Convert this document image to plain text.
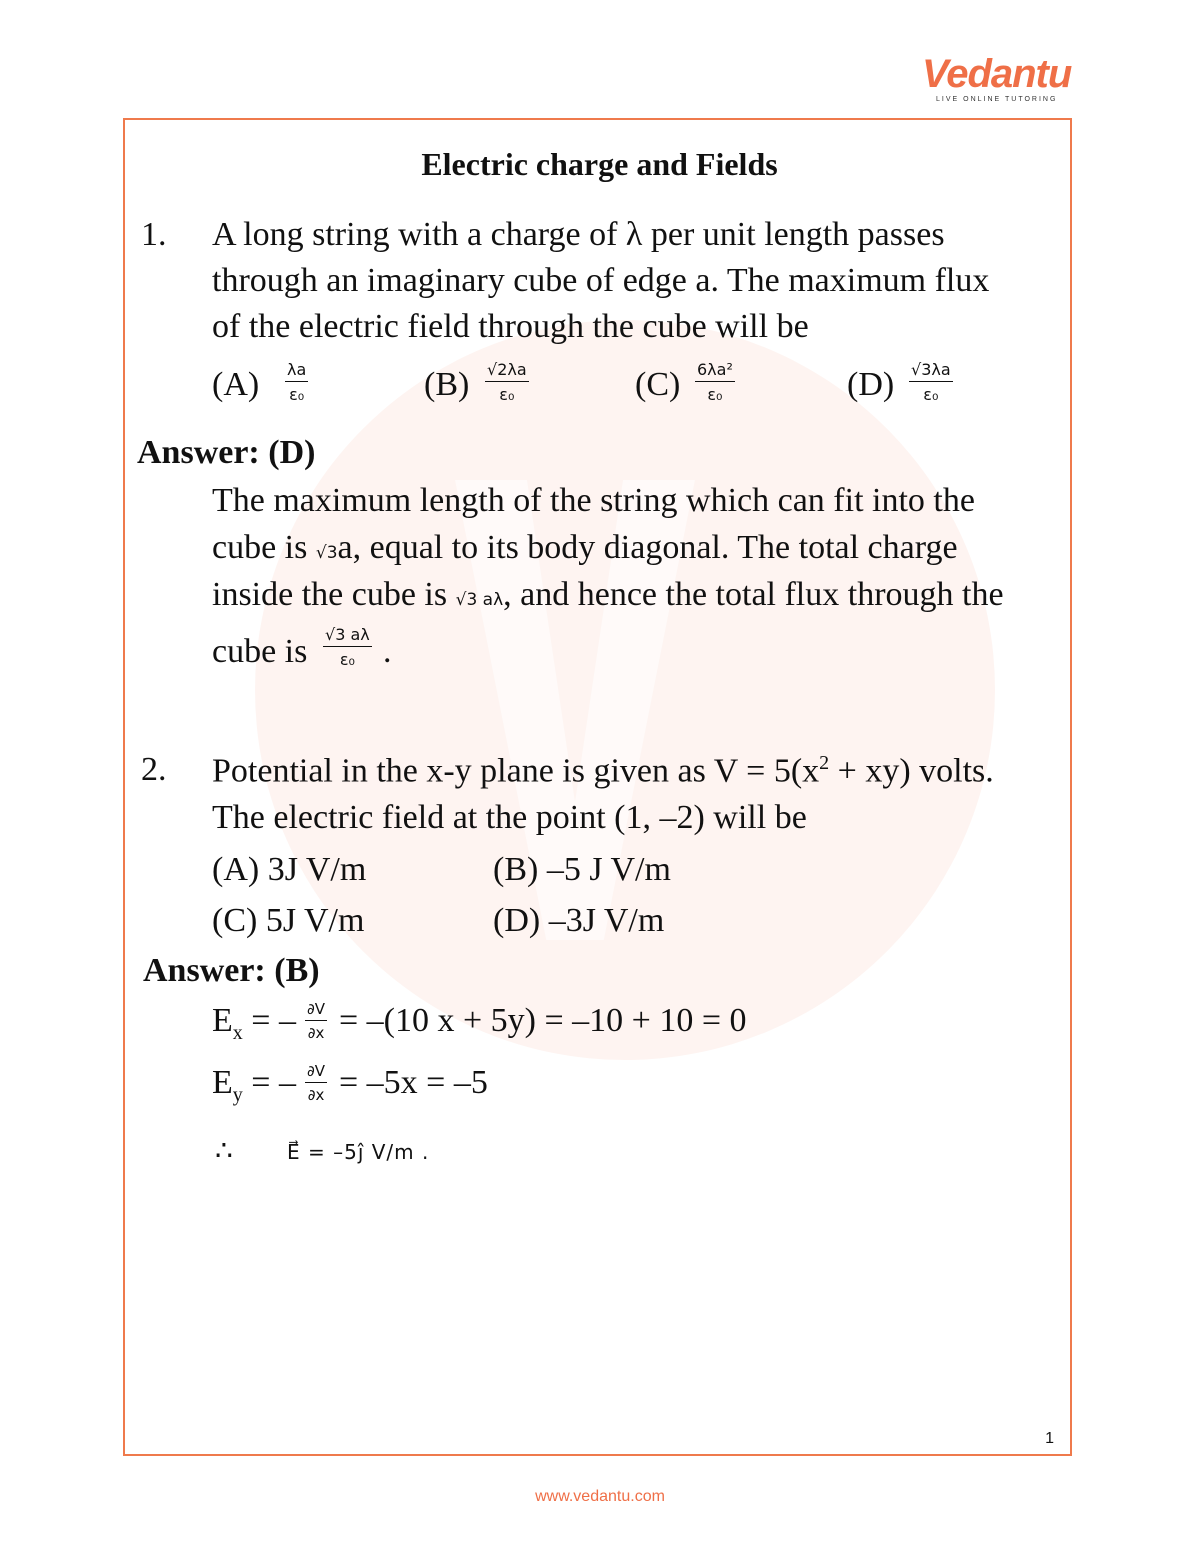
Vedantu
LIVE ONLINE TUTORING
Electric charge and Fields
1. A long string with a charge of λ per unit length passes
through an imaginary cube of edge a. The maximum flux
of the electric field through the cube will be
$(A) \frac{\lambda a}{\text{ε₀}}$	$(B) \frac{√2\lambda a}{\text{ε₀}}$	$(C) \frac{\text{6λa²}}{\text{ε₀}}$	$(D) \frac{√3\lambda a}{\text{ε₀}}$
Answer: (D)
The maximum length of the string which can fit into the
cube is √3a, equal to its body diagonal. The total charge
inside the cube is √3 aλ, and hence the total flux through the
cube is $\frac{√3 a\lambda}{\text{ε₀}}$ .
2. Potential in the x-y plane is given as $V = 5(x^2 + xy)$ volts.
The electric field at the point (1, –2) will be
(A) 3J V/m	(B) –5 J V/m
(C) 5J V/m	(D) –3J V/m
Answer: (B)
$E_x$ = – $\frac{\partial V}{\partial x} = -(10$ x + 5y) = –10 + 10 = 0
$E_y$ = – $\frac{\partial V}{\partial x} = -5x = -5$
∴	E⃗ = –5ĵ V/m .
1
www.vedantu.com
